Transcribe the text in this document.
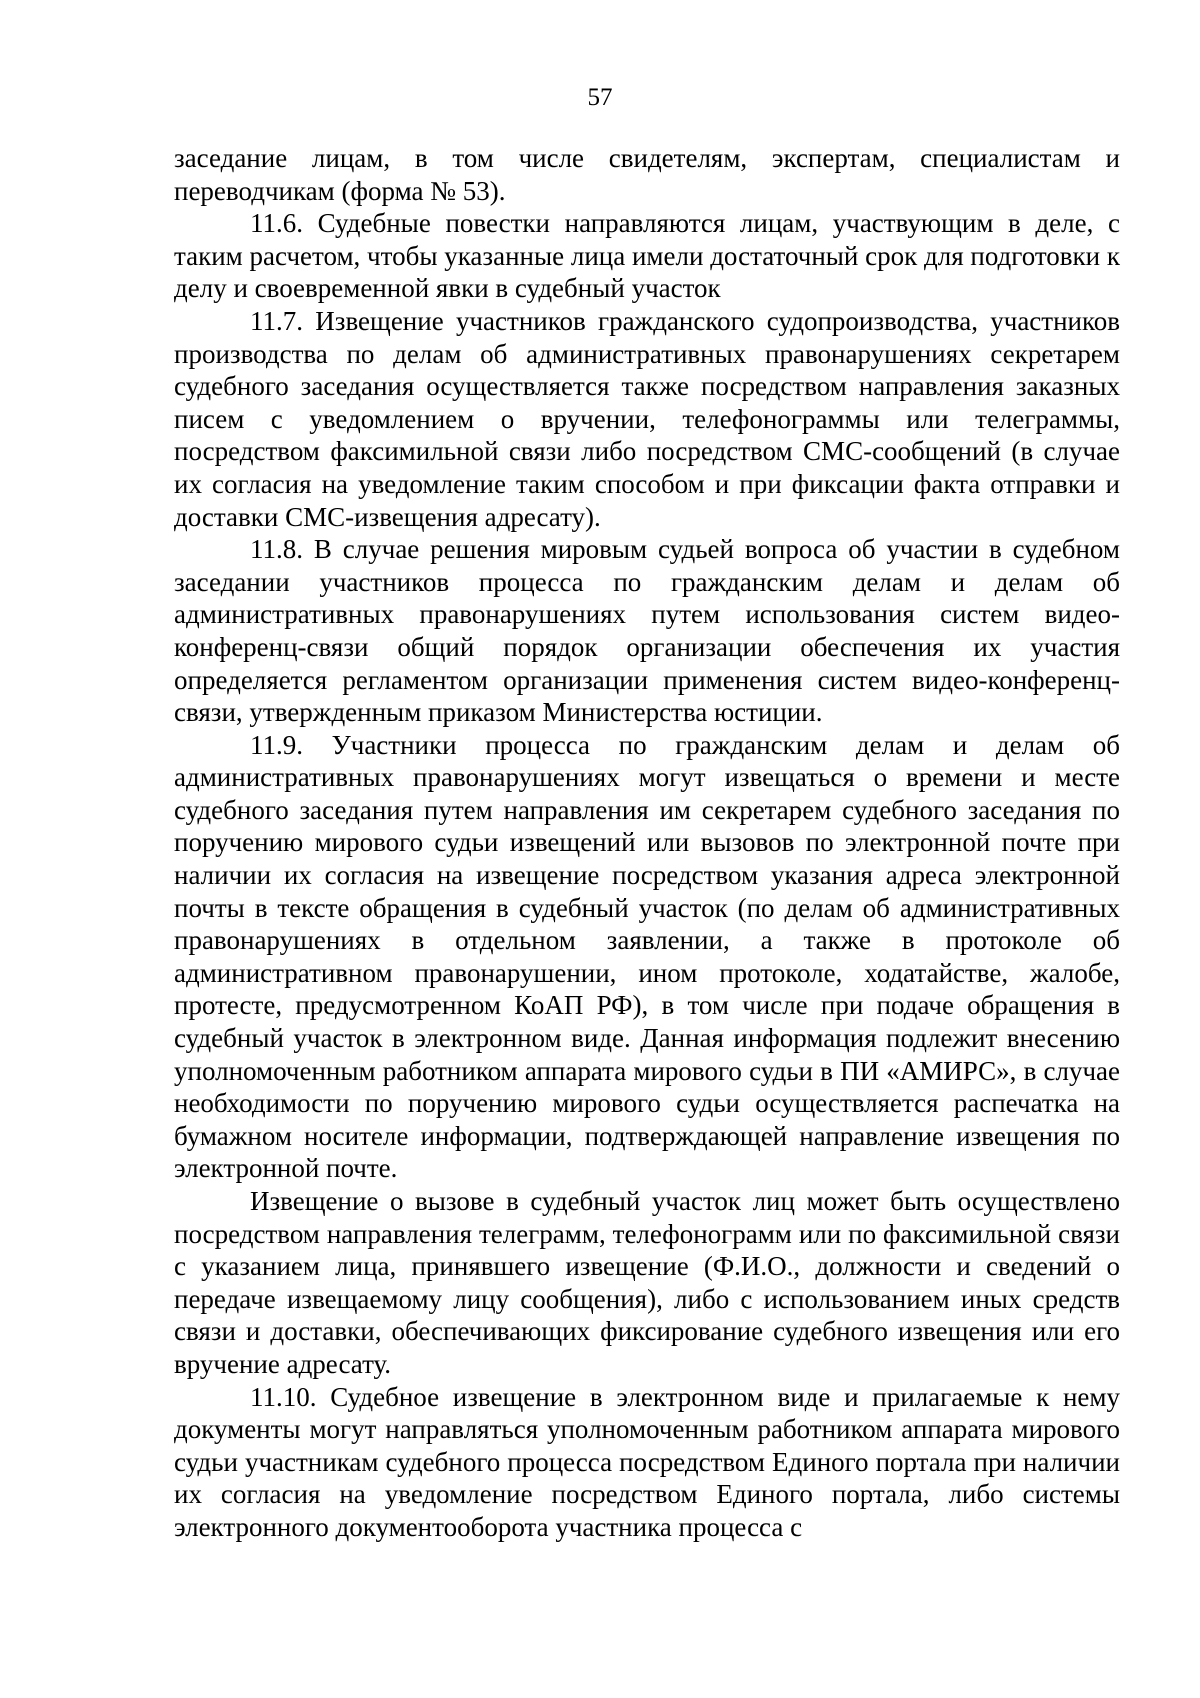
57

заседание лицам, в том числе свидетелям, экспертам, специалистам и переводчикам (форма № 53).

11.6. Судебные повестки направляются лицам, участвующим в деле, с таким расчетом, чтобы указанные лица имели достаточный срок для подготовки к делу и своевременной явки в судебный участок

11.7. Извещение участников гражданского судопроизводства, участников производства по делам об административных правонарушениях секретарем судебного заседания осуществляется также посредством направления заказных писем с уведомлением о вручении, телефонограммы или телеграммы, посредством факсимильной связи либо посредством СМС-сообщений (в случае их согласия на уведомление таким способом и при фиксации факта отправки и доставки СМС-извещения адресату).

11.8. В случае решения мировым судьей вопроса об участии в судебном заседании участников процесса по гражданским делам и делам об административных правонарушениях путем использования систем видео-конференц-связи общий порядок организации обеспечения их участия определяется регламентом организации применения систем видео-конференц-связи, утвержденным приказом Министерства юстиции.

11.9. Участники процесса по гражданским делам и делам об административных правонарушениях могут извещаться о времени и месте судебного заседания путем направления им секретарем судебного заседания по поручению мирового судьи извещений или вызовов по электронной почте при наличии их согласия на извещение посредством указания адреса электронной почты в тексте обращения в судебный участок (по делам об административных правонарушениях в отдельном заявлении, а также в протоколе об административном правонарушении, ином протоколе, ходатайстве, жалобе, протесте, предусмотренном КоАП РФ), в том числе при подаче обращения в судебный участок в электронном виде. Данная информация подлежит внесению уполномоченным работником аппарата мирового судьи в ПИ «АМИРС», в случае необходимости по поручению мирового судьи осуществляется распечатка на бумажном носителе информации, подтверждающей направление извещения по электронной почте.

Извещение о вызове в судебный участок лиц может быть осуществлено посредством направления телеграмм, телефонограмм или по факсимильной связи с указанием лица, принявшего извещение (Ф.И.О., должности и сведений о передаче извещаемому лицу сообщения), либо с использованием иных средств связи и доставки, обеспечивающих фиксирование судебного извещения или его вручение адресату.

11.10. Судебное извещение в электронном виде и прилагаемые к нему документы могут направляться уполномоченным работником аппарата мирового судьи участникам судебного процесса посредством Единого портала при наличии их согласия на уведомление посредством Единого портала, либо системы электронного документооборота участника процесса с
